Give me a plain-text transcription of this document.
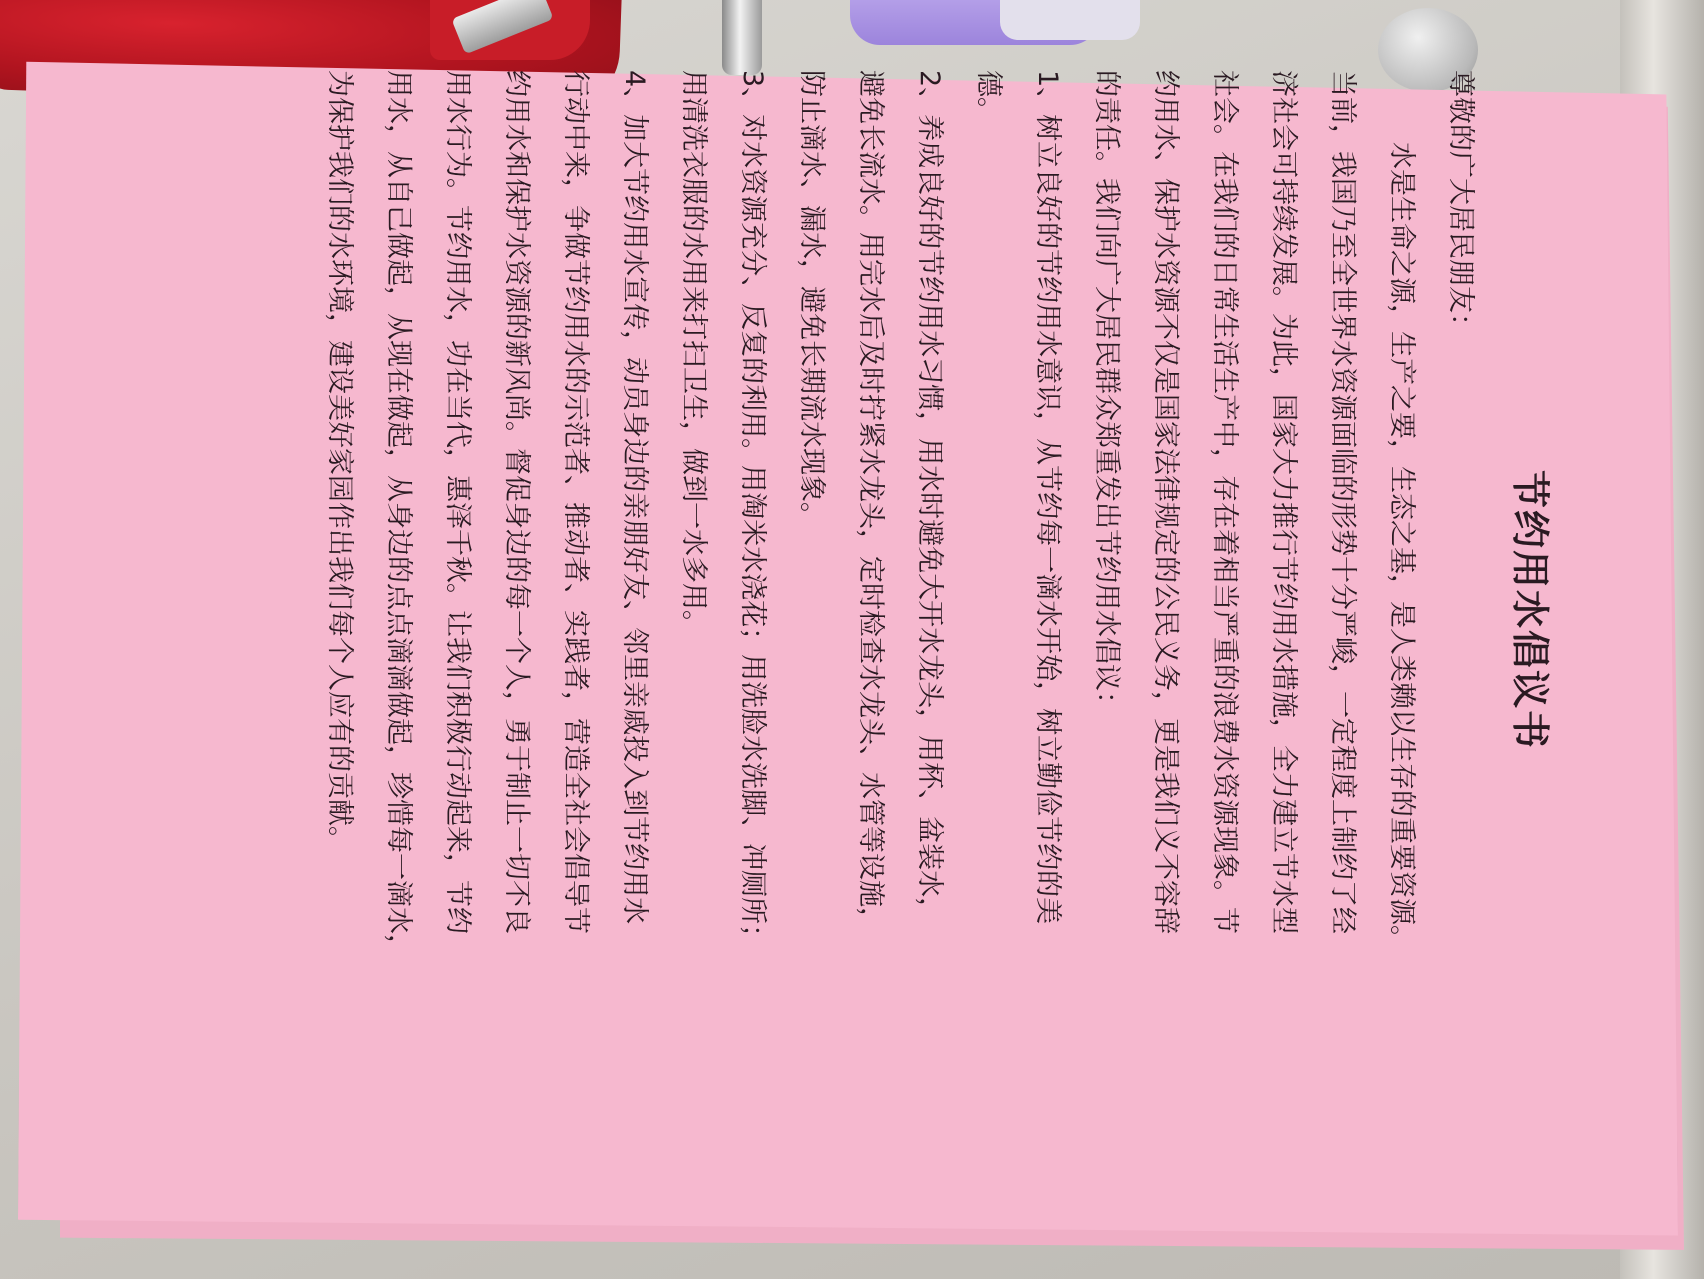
节约用水倡议书
尊敬的广大居民朋友：
水是生命之源，生产之要，生态之基，是人类赖以生存的重要资源。
当前，我国乃至全世界水资源面临的形势十分严峻，一定程度上制约了经
济社会可持续发展。为此，国家大力推行节约用水措施，全力建立节水型
社会。在我们的日常生活生产中，存在着相当严重的浪费水资源现象。节
约用水、保护水资源不仅是国家法律规定的公民义务，更是我们义不容辞
的责任。我们向广大居民群众郑重发出节约用水倡议：
1、树立良好的节约用水意识，从节约每一滴水开始，树立勤俭节约的美
德。
2、养成良好的节约用水习惯，用水时避免大开水龙头，用杯、盆装水，
避免长流水。用完水后及时拧紧水龙头，定时检查水龙头、水管等设施，
防止滴水、漏水，避免长期流水现象。
3、对水资源充分、反复的利用。用淘米水浇花；用洗脸水洗脚、冲厕所；
用清洗衣服的水用来打扫卫生，做到一水多用。
4、加大节约用水宣传，动员身边的亲朋好友、邻里亲戚投入到节约用水
行动中来，争做节约用水的示范者、推动者、实践者，营造全社会倡导节
约用水和保护水资源的新风尚。督促身边的每一个人，勇于制止一切不良
用水行为。节约用水，功在当代，惠泽千秋。让我们积极行动起来，节约
用水，从自己做起，从现在做起，从身边的点点滴滴做起，珍惜每一滴水，
为保护我们的水环境，建设美好家园作出我们每个人应有的贡献。
